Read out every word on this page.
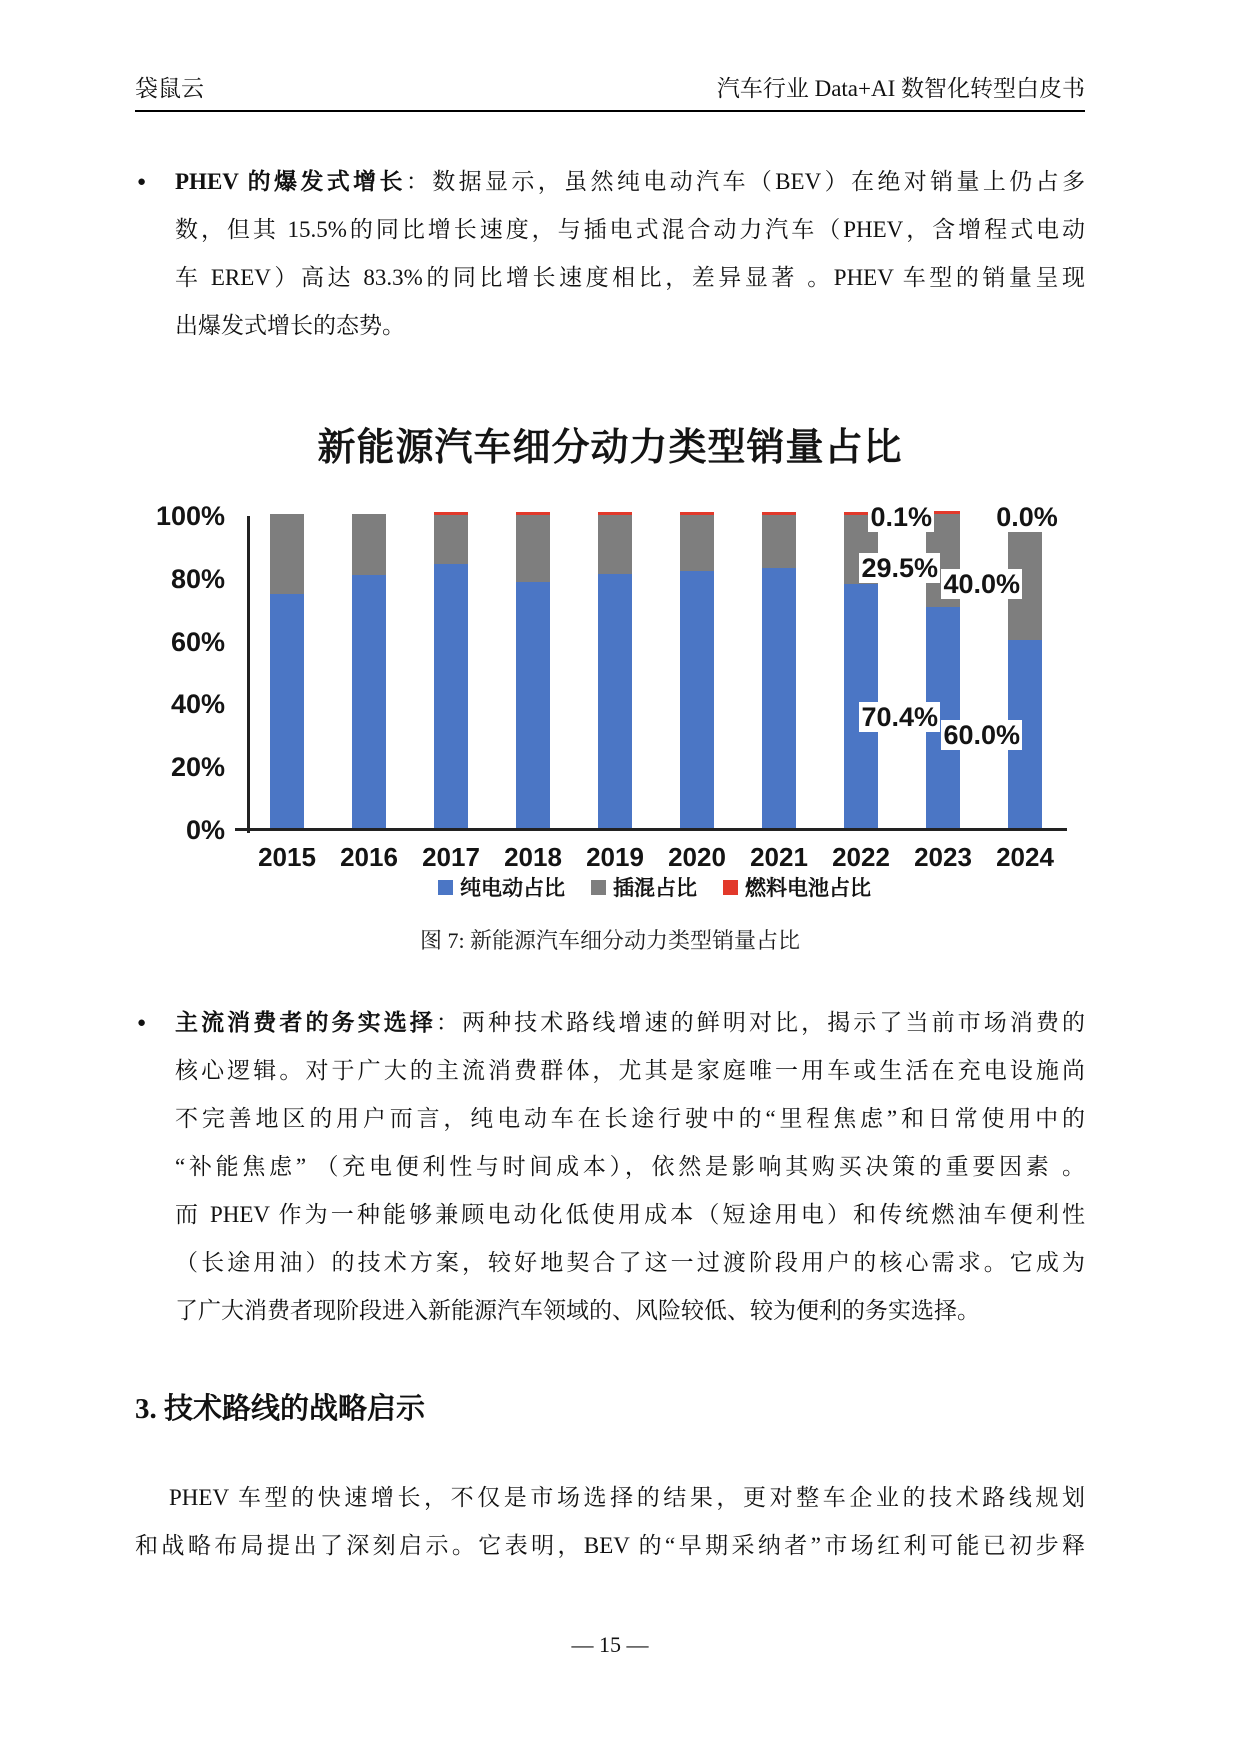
袋鼠云	汽车行业 Data+AI 数智化转型白皮书
● PHEV 的爆发式增长：数据显示，虽然纯电动汽车（BEV）在绝对销量上仍占多
数，但其 15.5%的同比增长速度，与插电式混合动力汽车（PHEV，含增程式电动
车 EREV）高达 83.3%的同比增长速度相比，差异显著 。PHEV 车型的销量呈现
出爆发式增长的态势。
新能源汽车细分动力类型销量占比
100%
80%
60%
40%
20%
0%
2015 2016 2017 2018 2019 2020 2021 2022 2023 2024
0.1%
29.5%
70.4%
0.0%
40.0%
60.0%
纯电动占比 插混占比 燃料电池占比
图 7: 新能源汽车细分动力类型销量占比
● 主流消费者的务实选择：两种技术路线增速的鲜明对比，揭示了当前市场消费的
核心逻辑。对于广大的主流消费群体，尤其是家庭唯一用车或生活在充电设施尚
不完善地区的用户而言，纯电动车在长途行驶中的“里程焦虑”和日常使用中的
“补能焦虑” （充电便利性与时间成本），依然是影响其购买决策的重要因素 。
而 PHEV 作为一种能够兼顾电动化低使用成本（短途用电）和传统燃油车便利性
（长途用油）的技术方案，较好地契合了这一过渡阶段用户的核心需求。它成为
了广大消费者现阶段进入新能源汽车领域的、风险较低、较为便利的务实选择。
3. 技术路线的战略启示
PHEV 车型的快速增长，不仅是市场选择的结果，更对整车企业的技术路线规划
和战略布局提出了深刻启示。它表明，BEV 的“早期采纳者”市场红利可能已初步释
— 15 —
